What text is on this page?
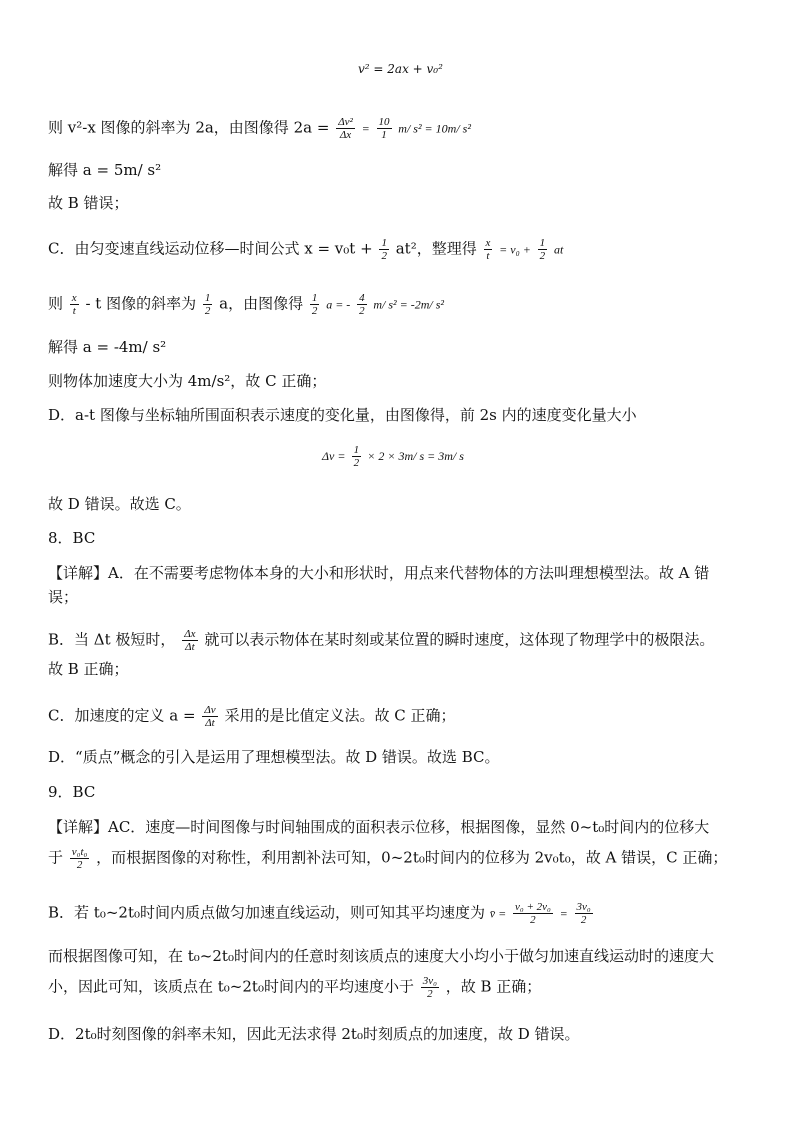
v² = 2ax + v₀²
则 v²-x 图像的斜率为 2a，由图像得 $2a = \frac{\text{Δv²}}{\Delta x} = \frac{10}{1} m/$ s² = 10m/ s²
解得 a = 5m/ s²
故 B 错误；
C．由匀变速直线运动位移—时间公式 $x = v_0t + \frac{1}{2} at^2$，整理得 $\frac{x}{t} = v_0 + \frac{1}{2}$ at
则 $\frac{x}{t}$ - t 图像的斜率为 $\frac{1}{2}$ a，由图像得 $\frac{1}{2}$ a = - $\frac{4}{2} m/$ s² = -2m/ s²
解得 a = -4m/ s²
则物体加速度大小为 4m/s²，故 C 正确；
D．a-t 图像与坐标轴所围面积表示速度的变化量，由图像得，前 2s 内的速度变化量大小
$\Delta v = \frac{1}{2} \times 2 \times 3m/$ s = 3m/ s
故 D 错误。故选 C。
8．BC
【详解】A．在不需要考虑物体本身的大小和形状时，用点来代替物体的方法叫理想模型法。故 A 错
误；
B．当 Δt 极短时， $\frac{\Delta x}{\Delta t}$ 就可以表示物体在某时刻或某位置的瞬时速度，这体现了物理学中的极限法。
故 B 正确；
C．加速度的定义 $a = \frac{\Delta v}{\Delta t}$ 采用的是比值定义法。故 C 正确；
D．“质点”概念的引入是运用了理想模型法。故 D 错误。故选 BC。
9．BC
【详解】AC．速度—时间图像与时间轴围成的面积表示位移，根据图像，显然 0~t₀时间内的位移大
于 $\frac{\text{v₀t₀}}{2}$ ，而根据图像的对称性，利用割补法可知，0~2t₀时间内的位移为 2v₀t₀，故 A 错误，C 正确；
B．若 t₀~2t₀时间内质点做匀加速直线运动，则可知其平均速度为 v̄ = $\frac{\text{v₀ + 2v₀}}{2} = \frac{\text{3v₀}}{2}$
而根据图像可知，在 t₀~2t₀时间内的任意时刻该质点的速度大小均小于做匀加速直线运动时的速度大
小，因此可知，该质点在 t₀~2t₀时间内的平均速度小于 $\frac{\text{3v₀}}{2}$ ，故 B 正确；
D．2t₀时刻图像的斜率未知，因此无法求得 2t₀时刻质点的加速度，故 D 错误。
